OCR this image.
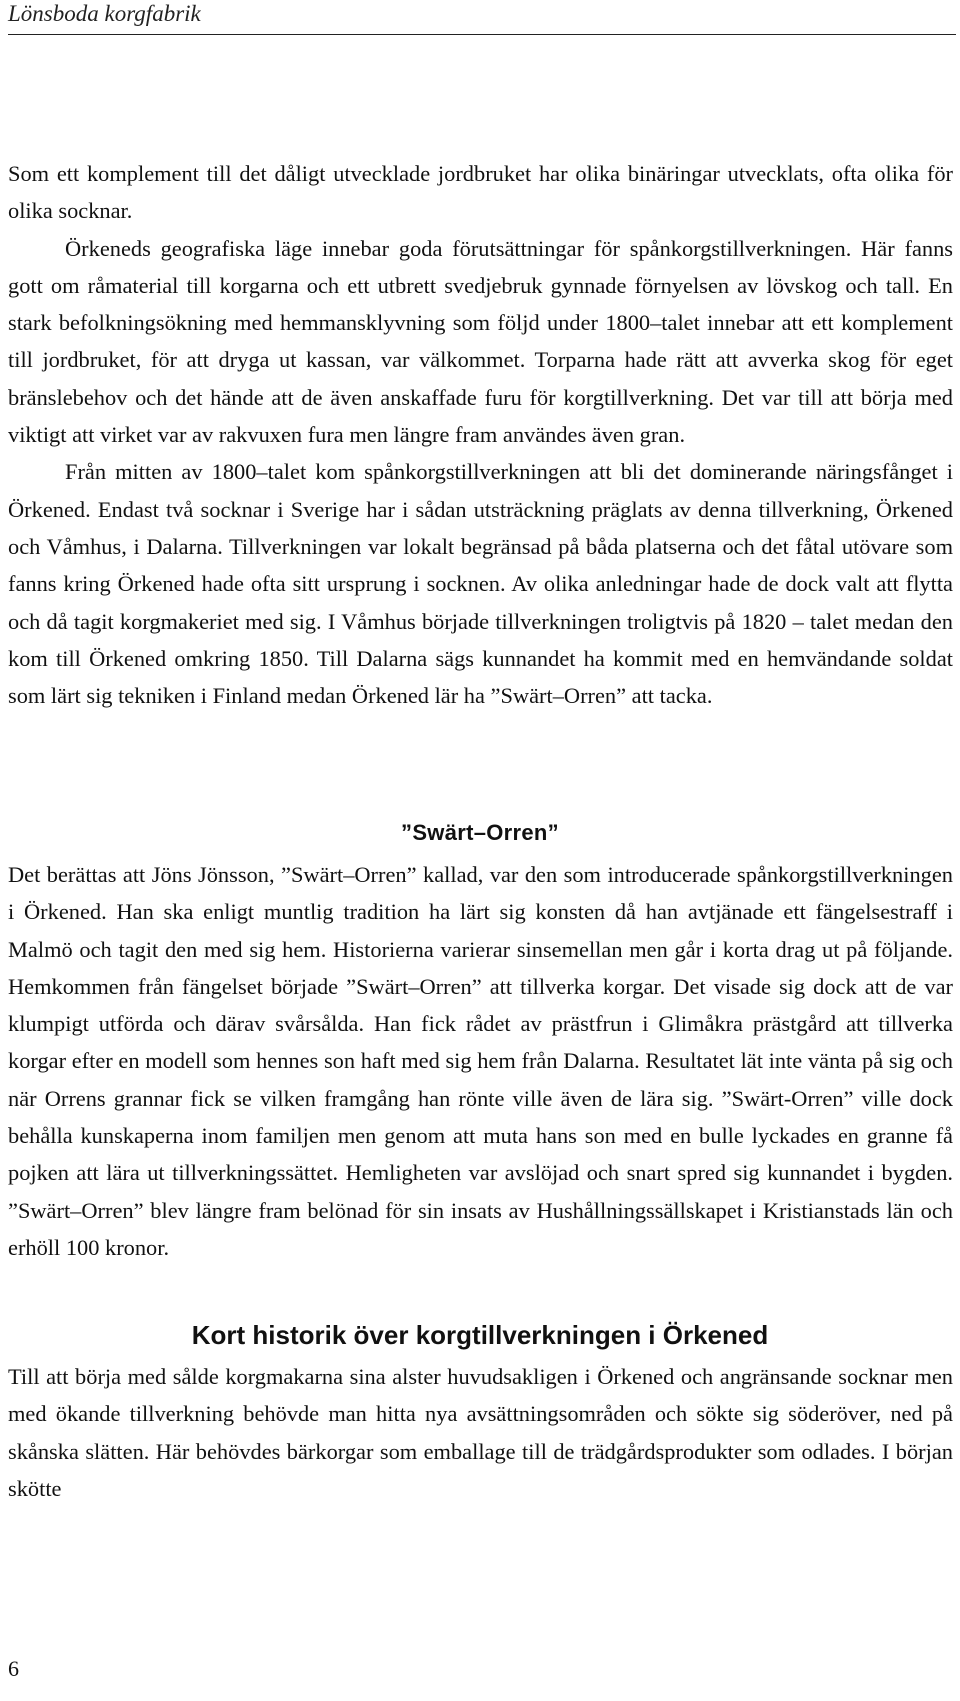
Lönsboda korgfabrik

Som ett komplement till det dåligt utvecklade jordbruket har olika binäringar utvecklats, ofta olika för olika socknar.

Örkeneds geografiska läge innebar goda förutsättningar för spånkorgstillverkningen. Här fanns gott om råmaterial till korgarna och ett utbrett svedjebruk gynnade förnyelsen av lövskog och tall. En stark befolkningsökning med hemmansklyvning som följd under 1800–talet innebar att ett komplement till jordbruket, för att dryga ut kassan, var välkommet. Torparna hade rätt att avverka skog för eget bränslebehov och det hände att de även anskaffade furu för korgtillverkning. Det var till att börja med viktigt att virket var av rakvuxen fura men längre fram användes även gran.

Från mitten av 1800–talet kom spånkorgstillverkningen att bli det dominerande näringsfånget i Örkened. Endast två socknar i Sverige har i sådan utsträckning präglats av denna tillverkning, Örkened och Våmhus, i Dalarna. Tillverkningen var lokalt begränsad på båda platserna och det fåtal utövare som fanns kring Örkened hade ofta sitt ursprung i socknen. Av olika anledningar hade de dock valt att flytta och då tagit korgmakeriet med sig. I Våmhus började tillverkningen troligtvis på 1820 – talet medan den kom till Örkened omkring 1850. Till Dalarna sägs kunnandet ha kommit med en hemvändande soldat som lärt sig tekniken i Finland medan Örkened lär ha ”Swärt–Orren” att tacka.

”Swärt–Orren”

Det berättas att Jöns Jönsson, ”Swärt–Orren” kallad, var den som introducerade spånkorgstillverkningen i Örkened. Han ska enligt muntlig tradition ha lärt sig konsten då han avtjänade ett fängelsestraff i Malmö och tagit den med sig hem. Historierna varierar sinsemellan men går i korta drag ut på följande. Hemkommen från fängelset började ”Swärt–Orren” att tillverka korgar. Det visade sig dock att de var klumpigt utförda och därav svårsålda. Han fick rådet av prästfrun i Glimåkra prästgård att tillverka korgar efter en modell som hennes son haft med sig hem från Dalarna. Resultatet lät inte vänta på sig och när Orrens grannar fick se vilken framgång han rönte ville även de lära sig. ”Swärt-Orren” ville dock behålla kunskaperna inom familjen men genom att muta hans son med en bulle lyckades en granne få pojken att lära ut tillverkningssättet. Hemligheten var avslöjad och snart spred sig kunnandet i bygden. ”Swärt–Orren” blev längre fram belönad för sin insats av Hushållningssällskapet i Kristianstads län och erhöll 100 kronor.

Kort historik över korgtillverkningen i Örkened

Till att börja med sålde korgmakarna sina alster huvudsakligen i Örkened och angränsande socknar men med ökande tillverkning behövde man hitta nya avsättningsområden och sökte sig söderöver, ned på skånska slätten. Här behövdes bärkorgar som emballage till de trädgårdsprodukter som odlades. I början skötte

6
